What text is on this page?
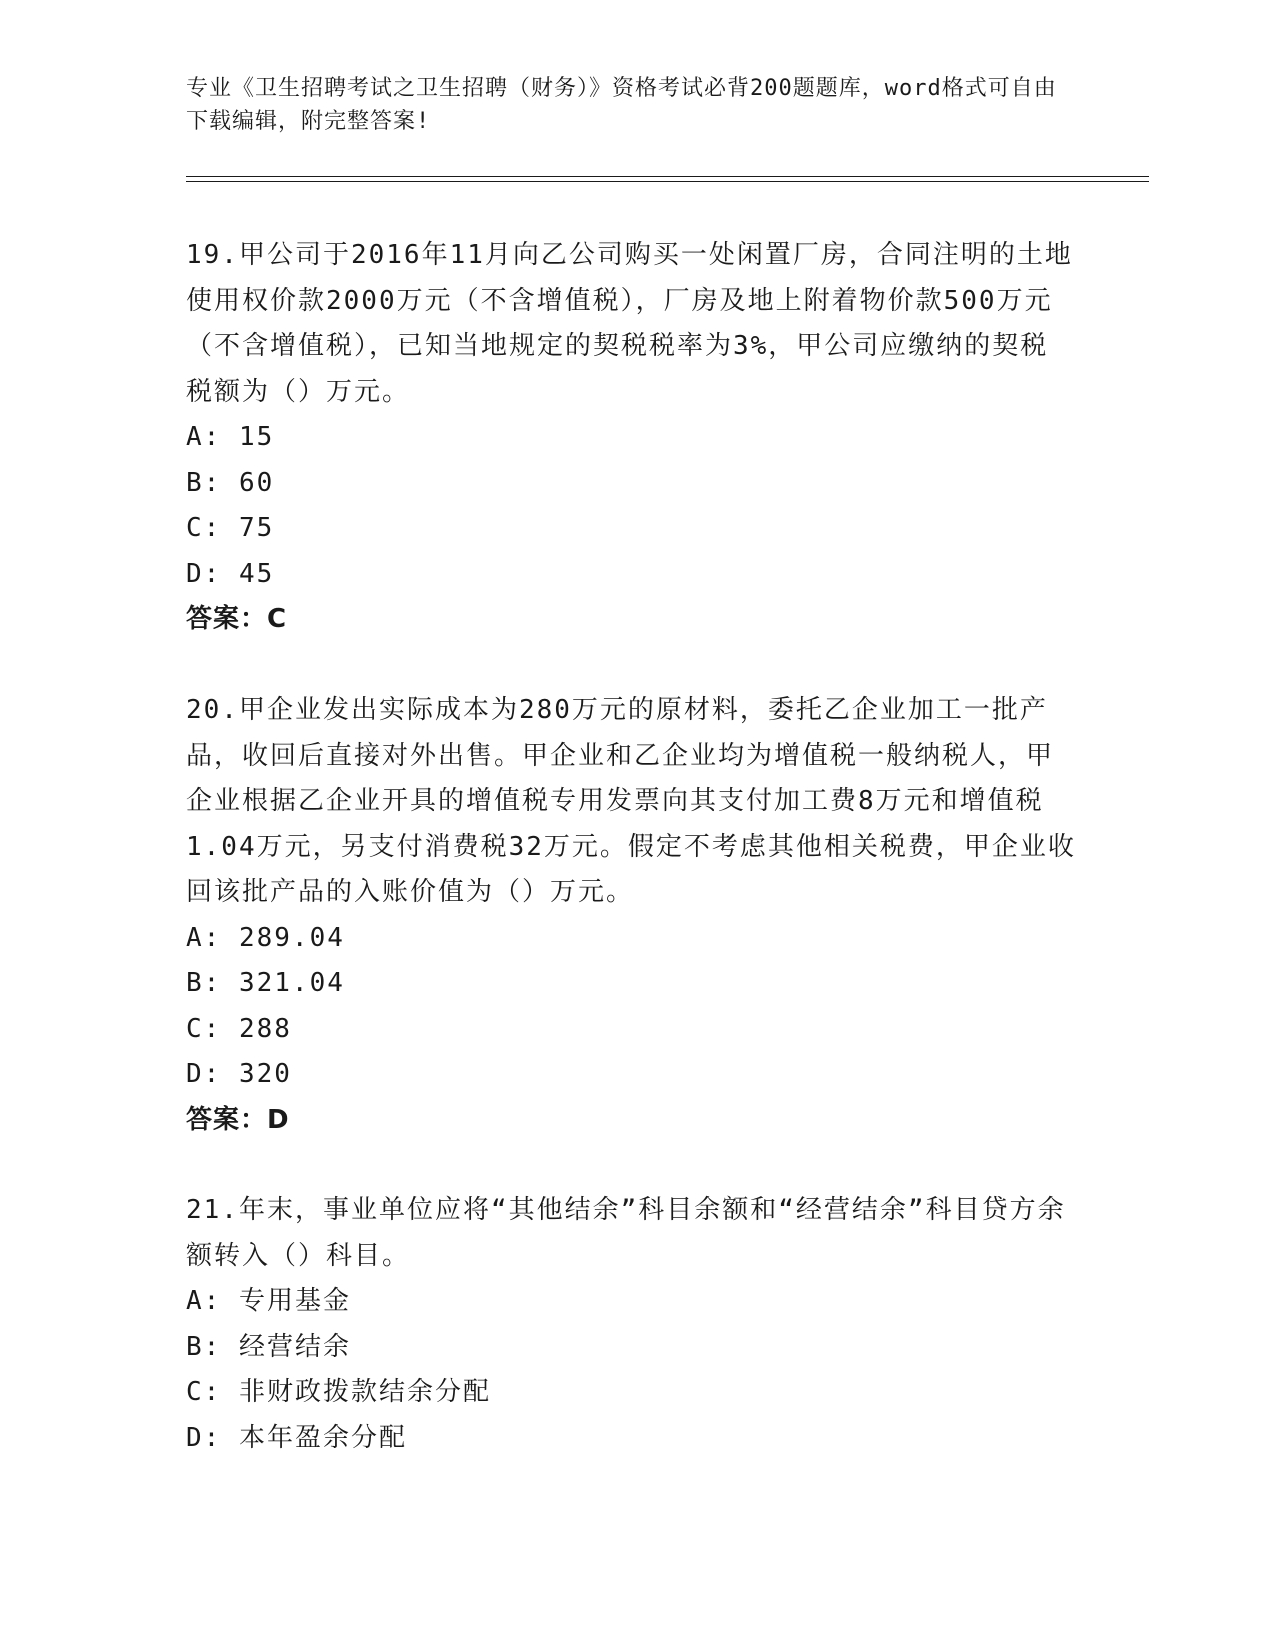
专业《卫生招聘考试之卫生招聘（财务）》资格考试必背200题题库，word格式可自由下载编辑，附完整答案!
19.甲公司于2016年11月向乙公司购买一处闲置厂房，合同注明的土地使用权价款2000万元（不含增值税），厂房及地上附着物价款500万元（不含增值税），已知当地规定的契税税率为3%，甲公司应缴纳的契税税额为（）万元。
A: 15
B: 60
C: 75
D: 45
答案：C
20.甲企业发出实际成本为280万元的原材料，委托乙企业加工一批产品，收回后直接对外出售。甲企业和乙企业均为增值税一般纳税人，甲企业根据乙企业开具的增值税专用发票向其支付加工费8万元和增值税1.04万元，另支付消费税32万元。假定不考虑其他相关税费，甲企业收回该批产品的入账价值为（）万元。
A: 289.04
B: 321.04
C: 288
D: 320
答案：D
21.年末，事业单位应将“其他结余”科目余额和“经营结余”科目贷方余额转入（）科目。
A: 专用基金
B: 经营结余
C: 非财政拨款结余分配
D: 本年盈余分配
